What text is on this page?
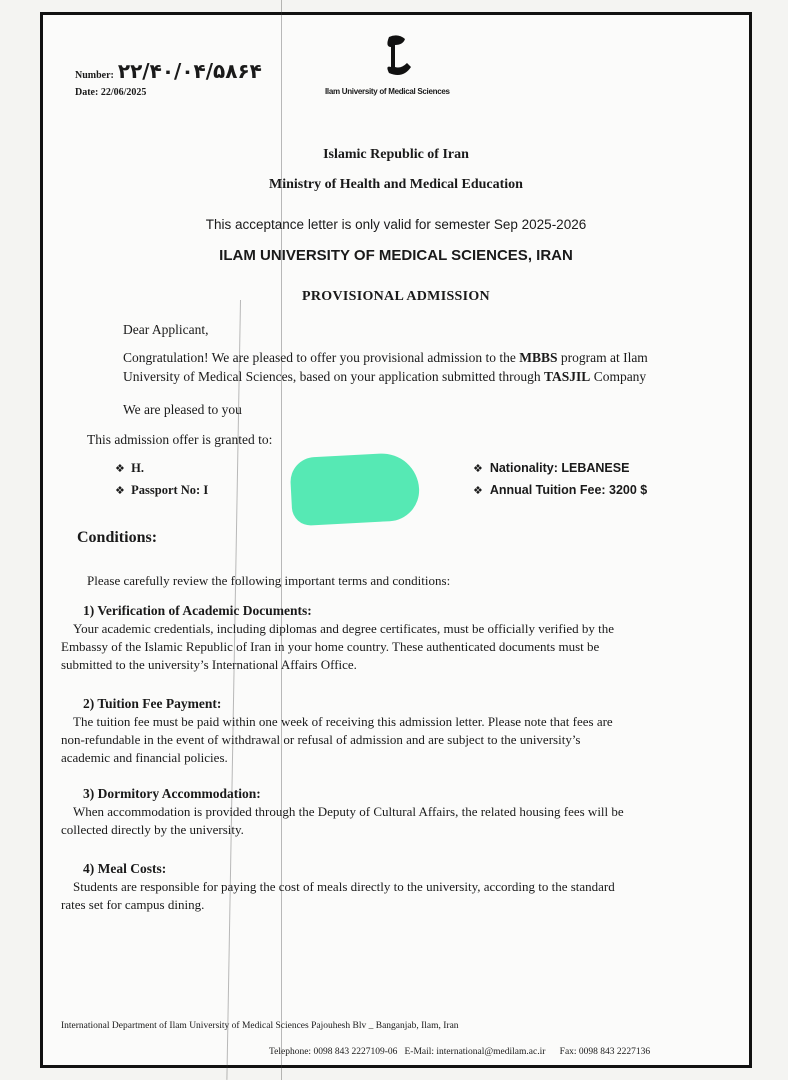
Number: ۲۲/۴۰/۰۴/۵۸۶۴
Date: 22/06/2025	Ilam University of Medical Sciences
Islamic Republic of Iran
Ministry of Health and Medical Education
This acceptance letter is only valid for semester Sep 2025-2026
ILAM UNIVERSITY OF MEDICAL SCIENCES, IRAN
PROVISIONAL ADMISSION
Dear Applicant,
Congratulation! We are pleased to offer you provisional admission to the MBBS program at Ilam
University of Medical Sciences, based on your application submitted through TASJIL Company
We are pleased to you
This admission offer is granted to:
❖ H.
❖ Passport No: I
❖ Nationality: LEBANESE
❖ Annual Tuition Fee: 3200 $
Conditions:
Please carefully review the following important terms and conditions:
1) Verification of Academic Documents:
Your academic credentials, including diplomas and degree certificates, must be officially verified by the
Embassy of the Islamic Republic of Iran in your home country. These authenticated documents must be
submitted to the university’s International Affairs Office.
2) Tuition Fee Payment:
The tuition fee must be paid within one week of receiving this admission letter. Please note that fees are
non-refundable in the event of withdrawal or refusal of admission and are subject to the university’s
academic and financial policies.
3) Dormitory Accommodation:
When accommodation is provided through the Deputy of Cultural Affairs, the related housing fees will be
collected directly by the university.
4) Meal Costs:
Students are responsible for paying the cost of meals directly to the university, according to the standard
rates set for campus dining.
International Department of Ilam University of Medical Sciences Pajouhesh Blv _ Banganjab, Ilam, Iran
Telephone: 0098 843 2227109-06 E-Mail: international@medilam.ac.ir Fax: 0098 843 2227136
